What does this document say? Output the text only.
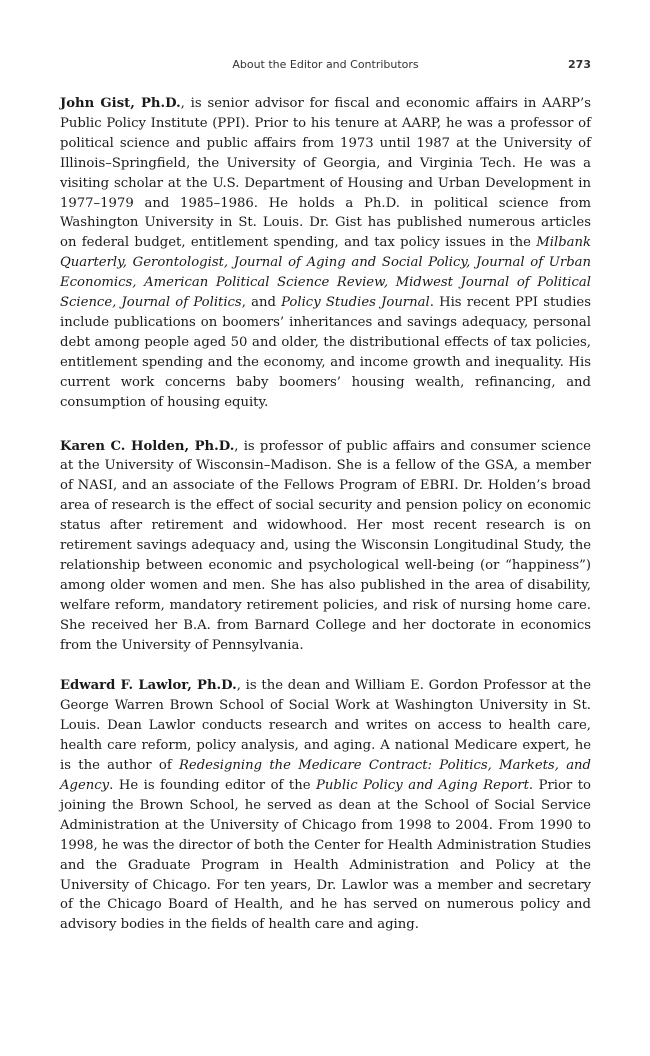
About the Editor and Contributors	273

John Gist, Ph.D., is senior advisor for fiscal and economic affairs in AARP’s Public Policy Institute (PPI). Prior to his tenure at AARP, he was a professor of political science and public affairs from 1973 until 1987 at the University of Illinois–Springfield, the University of Georgia, and Virginia Tech. He was a visiting scholar at the U.S. Department of Housing and Urban Development in 1977–1979 and 1985–1986. He holds a Ph.D. in political science from Washington University in St. Louis. Dr. Gist has published numerous articles on federal budget, entitlement spending, and tax policy issues in the Milbank Quarterly, Gerontologist, Journal of Aging and Social Policy, Journal of Urban Economics, American Political Science Review, Midwest Journal of Political Science, Journal of Politics, and Policy Studies Journal. His recent PPI studies include publications on boomers’ inheritances and savings adequacy, personal debt among people aged 50 and older, the distributional effects of tax policies, entitlement spending and the economy, and income growth and inequality. His current work concerns baby boomers’ housing wealth, refinancing, and consumption of housing equity.

Karen C. Holden, Ph.D., is professor of public affairs and consumer science at the University of Wisconsin–Madison. She is a fellow of the GSA, a member of NASI, and an associate of the Fellows Program of EBRI. Dr. Holden’s broad area of research is the effect of social security and pension policy on economic status after retirement and widowhood. Her most recent research is on retirement savings adequacy and, using the Wisconsin Longitudinal Study, the relationship between economic and psychological well-being (or “happiness”) among older women and men. She has also published in the area of disability, welfare reform, mandatory retirement policies, and risk of nursing home care. She received her B.A. from Barnard College and her doctorate in economics from the University of Pennsylvania.

Edward F. Lawlor, Ph.D., is the dean and William E. Gordon Professor at the George Warren Brown School of Social Work at Washington University in St. Louis. Dean Lawlor conducts research and writes on access to health care, health care reform, policy analysis, and aging. A national Medicare expert, he is the author of Redesigning the Medicare Contract: Politics, Markets, and Agency. He is founding editor of the Public Policy and Aging Report. Prior to joining the Brown School, he served as dean at the School of Social Service Administration at the University of Chicago from 1998 to 2004. From 1990 to 1998, he was the director of both the Center for Health Administration Studies and the Graduate Program in Health Administration and Policy at the University of Chicago. For ten years, Dr. Lawlor was a member and secretary of the Chicago Board of Health, and he has served on numerous policy and advisory bodies in the fields of health care and aging.
